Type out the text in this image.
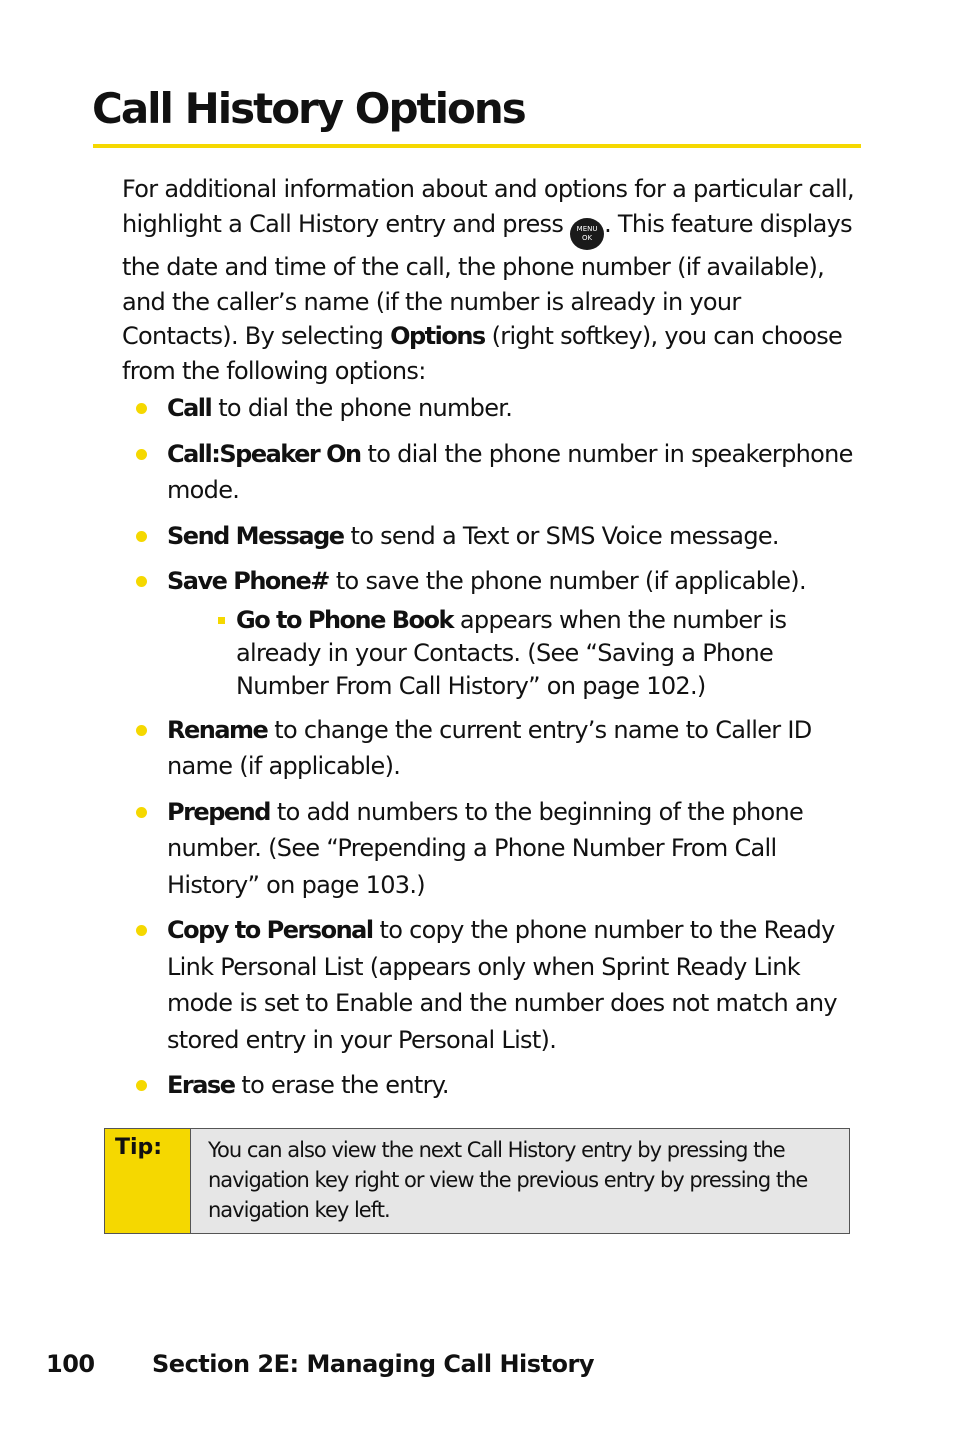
Call History Options

For additional information about and options for a particular call, highlight a Call History entry and press MENU
OK . This feature displays the date and time of the call, the phone number (if available), and the caller’s name (if the number is already in your Contacts). By selecting Options (right softkey), you can choose from the following options:

Call to dial the phone number.
Call:Speaker On to dial the phone number in speakerphone mode.
Send Message to send a Text or SMS Voice message.
Save Phone# to save the phone number (if applicable).
Go to Phone Book appears when the number is already in your Contacts. (See “Saving a Phone Number From Call History” on page 102.)
Rename to change the current entry’s name to Caller ID name (if applicable).
Prepend to add numbers to the beginning of the phone number. (See “Prepending a Phone Number From Call History” on page 103.)
Copy to Personal to copy the phone number to the Ready Link Personal List (appears only when Sprint Ready Link mode is set to Enable and the number does not match any stored entry in your Personal List).
Erase to erase the entry.
Tip:	You can also view the next Call History entry by pressing the navigation key right or view the previous entry by pressing the navigation key left.
100 Section 2E: Managing Call History
